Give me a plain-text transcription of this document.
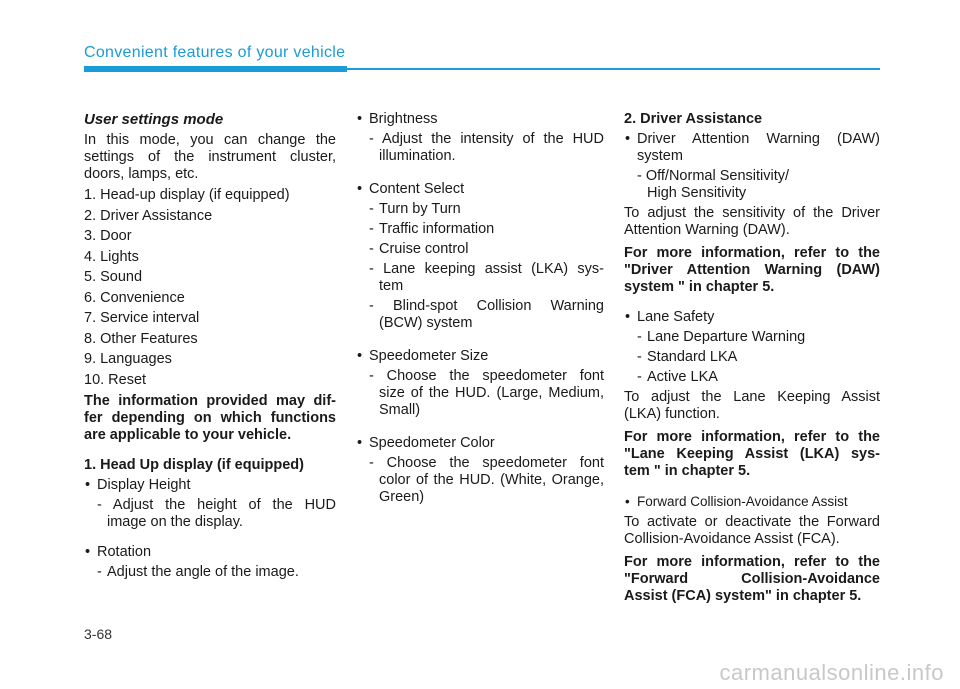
Convenient features of your vehicle
User settings mode
In this mode, you can change the settings of the instrument cluster, doors, lamps, etc.
1. Head-up display (if equipped)
2. Driver Assistance
3. Door
4. Lights
5. Sound
6. Convenience
7. Service interval
8. Other Features
9. Languages
10. Reset
The information provided may dif-
fer depending on which functions
are applicable to your vehicle.
1. Head Up display (if equipped)
• Display Height
- Adjust the height of the HUD
image on the display.
• Rotation
- Adjust the angle of the image.
• Brightness
- Adjust the intensity of the HUD
illumination.
• Content Select
- Turn by Turn
- Traffic information
- Cruise control
- Lane keeping assist (LKA) sys-
tem
- Blind-spot Collision Warning
(BCW) system
• Speedometer Size
- Choose the speedometer font
size of the HUD. (Large, Medium,
Small)
• Speedometer Color
- Choose the speedometer font
color of the HUD. (White, Orange,
Green)
2. Driver Assistance
• Driver Attention Warning (DAW)
system
- Off/Normal Sensitivity/
High Sensitivity
To adjust the sensitivity of the Driver
Attention Warning (DAW).
For more information, refer to the
"Driver Attention Warning (DAW)
system " in chapter 5.
• Lane Safety
- Lane Departure Warning
- Standard LKA
- Active LKA
To adjust the Lane Keeping Assist
(LKA) function.
For more information, refer to the
"Lane Keeping Assist (LKA) sys-
tem " in chapter 5.
• Forward Collision-Avoidance Assist
To activate or deactivate the Forward
Collision-Avoidance Assist (FCA).
For more information, refer to the
"Forward Collision-Avoidance
Assist (FCA) system" in chapter 5.
3-68
carmanualsonline.info
